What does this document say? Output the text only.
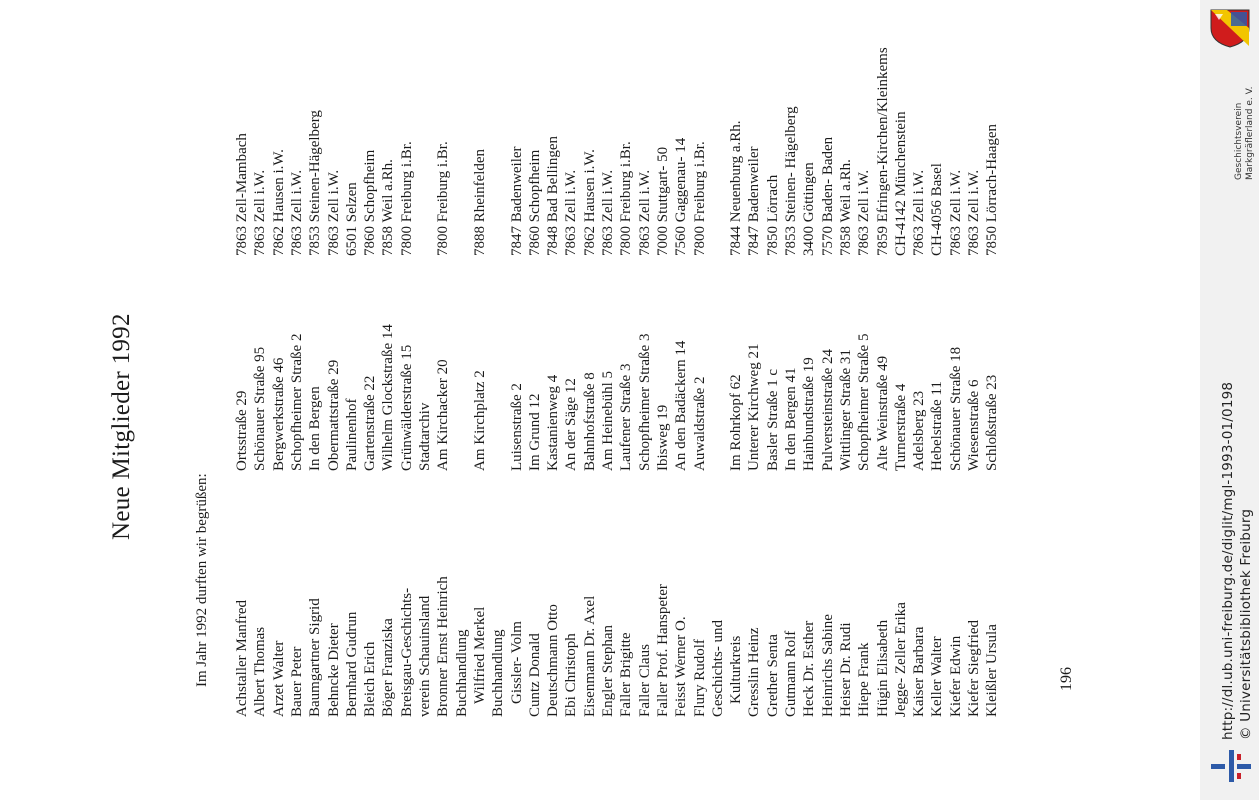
Neue Mitglieder 1992
Im Jahr 1992 durften wir begrüßen: Achstaller Manfred
Ortsstraße 29
7863 Zell-Mambach
Albert Thomas
Schönauer Straße 95
7863 Zell i.W.
Arzet Walter
Bergwerkstraße 46
7862 Hausen i.W.
Bauer Peter
Schopfheimer Straße 2
7863 Zell i.W.
Baumgartner Sigrid
In den Bergen
7853 Steinen-Hägelberg
Behncke Dieter
Obermattstraße 29
7863 Zell i.W.
Bernhard Gudrun
Paulinenhof
6501 Selzen
Bleich Erich
Gartenstraße 22
7860 Schopfheim
Böger Franziska
Wilhelm Glockstraße 14
7858 Weil a.Rh.
Breisgau-Geschichts-
Grünwälderstraße 15
7800 Freiburg i.Br.
verein Schauinsland
Stadtarchiv
Bronner Ernst Heinrich
Am Kirchacker 20
7800 Freiburg i.Br.
Buchhandlung Wilfried Merkel
Am Kirchplatz 2
7888 Rheinfelden
Buchhandlung Gissler- Volm
Luisenstraße 2
7847 Badenweiler
Cuntz Donald
Im Grund 12
7860 Schopfheim
Deutschmann Otto
Kastanienweg 4
7848 Bad Bellingen
Ebi Christoph
An der Säge 12
7863 Zell i.W.
Eisenmann Dr. Axel
Bahnhofstraße 8
7862 Hausen i.W.
Engler Stephan
Am Heinebühl 5
7863 Zell i.W.
Faller Brigitte
Laufener Straße 3
7800 Freiburg i.Br.
Faller Claus
Schopfheimer Straße 3
7863 Zell i.W.
Faller Prof. Hanspeter
Ibisweg 19
7000 Stuttgart- 50
Feisst Werner O.
An den Badäckern 14
7560 Gaggenau- 14
Flury Rudolf
Auwaldstraße 2
7800 Freiburg i.Br.
Geschichts- und Kulturkreis
Im Rohrkopf 62
7844 Neuenburg a.Rh.
Gresslin Heinz
Unterer Kirchweg 21
7847 Badenweiler
Grether Senta
Basler Straße 1 c
7850 Lörrach
Gutmann Rolf
In den Bergen 41
7853 Steinen- Hägelberg
Heck Dr. Esther
Hainbundstraße 19
3400 Göttingen
Heinrichs Sabine
Pulversteinstraße 24
7570 Baden- Baden
Heiser Dr. Rudi
Wittlinger Straße 31
7858 Weil a.Rh.
Hiepe Frank
Schopfheimer Straße 5
7863 Zell i.W.
Hügin Elisabeth
Alte Weinstraße 49
7859 Efringen-Kirchen/Kleinkems
Jegge- Zeller Erika
Turnerstraße 4
CH-4142 Münchenstein
Kaiser Barbara
Adelsberg 23
7863 Zell i.W.
Keller Walter
Hebelstraße 11
CH-4056 Basel
Kiefer Edwin
Schönauer Straße 18
7863 Zell i.W.
Kiefer Siegfried
Wiesenstraße 6
7863 Zell i.W.
Kleißler Ursula
Schloßstraße 23
7850 Lörrach-Haagen
196	http://dl.ub.uni-freiburg.de/diglit/mgl-1993-01/0198 © Universitätsbibliothek Freiburg
Geschichtsverein Markgräflerland e. V.
